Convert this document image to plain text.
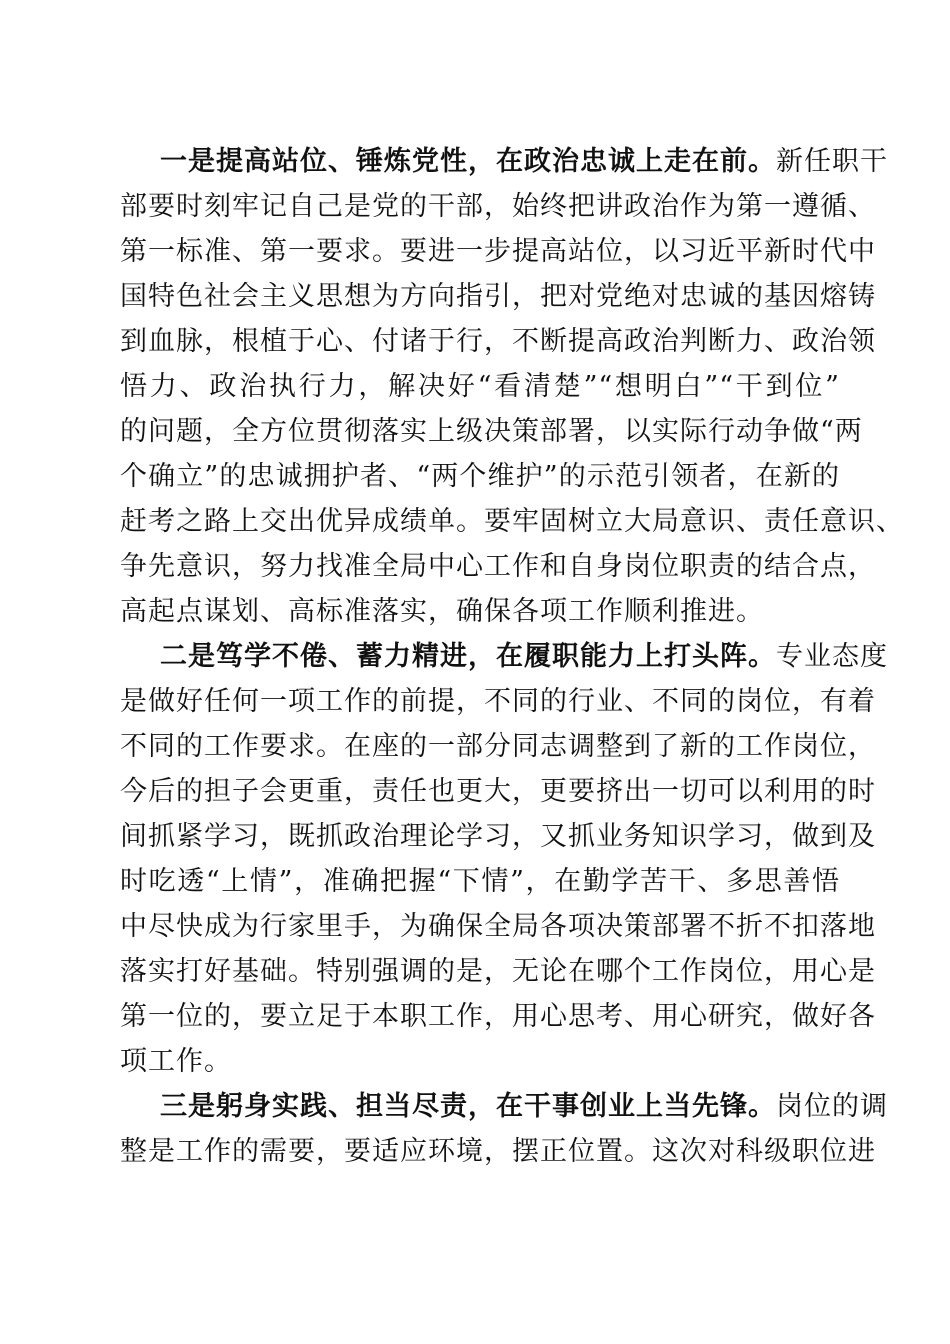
一是提高站位、锤炼党性，在政治忠诚上走在前。新任职干
部要时刻牢记自己是党的干部，始终把讲政治作为第一遵循、
第一标准、第一要求。要进一步提高站位，以习近平新时代中
国特色社会主义思想为方向指引，把对党绝对忠诚的基因熔铸
到血脉，根植于心、付诸于行，不断提高政治判断力、政治领
悟力、政治执行力，解决好“看清楚”“想明白”“干到位”
的问题，全方位贯彻落实上级决策部署，以实际行动争做“两
个确立”的忠诚拥护者、“两个维护”的示范引领者，在新的
赶考之路上交出优异成绩单。要牢固树立大局意识、责任意识、
争先意识，努力找准全局中心工作和自身岗位职责的结合点，
高起点谋划、高标准落实，确保各项工作顺利推进。
二是笃学不倦、蓄力精进，在履职能力上打头阵。专业态度
是做好任何一项工作的前提，不同的行业、不同的岗位，有着
不同的工作要求。在座的一部分同志调整到了新的工作岗位，
今后的担子会更重，责任也更大，更要挤出一切可以利用的时
间抓紧学习，既抓政治理论学习，又抓业务知识学习，做到及
时吃透“上情”，准确把握“下情”，在勤学苦干、多思善悟
中尽快成为行家里手，为确保全局各项决策部署不折不扣落地
落实打好基础。特别强调的是，无论在哪个工作岗位，用心是
第一位的，要立足于本职工作，用心思考、用心研究，做好各
项工作。
三是躬身实践、担当尽责，在干事创业上当先锋。岗位的调
整是工作的需要，要适应环境，摆正位置。这次对科级职位进
